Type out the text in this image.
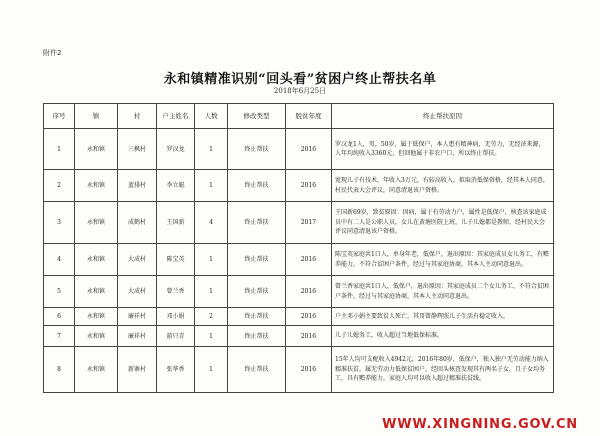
附件2
永和镇精准识别“回头看”贫困户终止帮扶名单
2018年6月25日
序号	镇	村	户主姓名	人数	修改类型	脱贫年度	终止帮扶原因
1	永和镇	三枫村	罗汉龙	1	终止帮扶	2016	罗汉龙1人，男，50岁，属于低保户，本人患有精神病，无劳力，无经济来源，人年均纯收入3360元，但回他属于非农户口，所以终止帮扶。
2	永和镇	蓝排村	李立聪	1	终止帮扶	2016	宽现儿子有技术，年收入3万元，有较高收入，拟取消低保资格，经其本人同意，村民代表大会评议，同意清退该户资格。
3	永和镇	成鹤村	王国新	4	终止帮扶	2017	王国新69岁，致贫原因：因病，属于有劳动力户，属性是低保户，核查该家庭成员中有二人是公职人员，女儿在黄塘医院上班，儿子儿媳都是教师，经村民大会评议同意清退该户资格。
4	永和镇	大成村	陈宝英	1	终止帮扶	2016	陈宝英家庭共1口人，单身年老，低保户，退出原因：其家庭成员女儿务工，有赡养能力，不符合贫困户条件，经过与其家庭协商，其本人主动同意退出。
5	永和镇	大成村	曾兰香	1	终止帮扶	2016	曾兰香家庭共1口人，低保户，退出原因：其家庭成员二个女儿务工，不符合贫困户条件，经过与其家庭协商，其本人主动同意退出。
6	永和镇	廉祥村	邓小娟	2	终止帮扶	2016	户主邓小娟主要致贫人死亡，其哥曾静辉照儿子生活有稳定收入。
7	永和镇	廉祥村	游只青	1	终止帮扶	2016	儿子儿媳务工，收入超过当地低保标准。
8	永和镇	新寨村	张华香	1	终止帮扶	2016	15年人均可支配收入4942元，2016年80岁，低保户，独入独户无劳动能力纳入精准扶贫，属无劳动力低保贫困户，经回头核查发现其有两名子女，且子女均务工，具有赡养能力，家庭人均可以收入超过精准扶贫线。
WWW.XINGNING.GOV.CN
